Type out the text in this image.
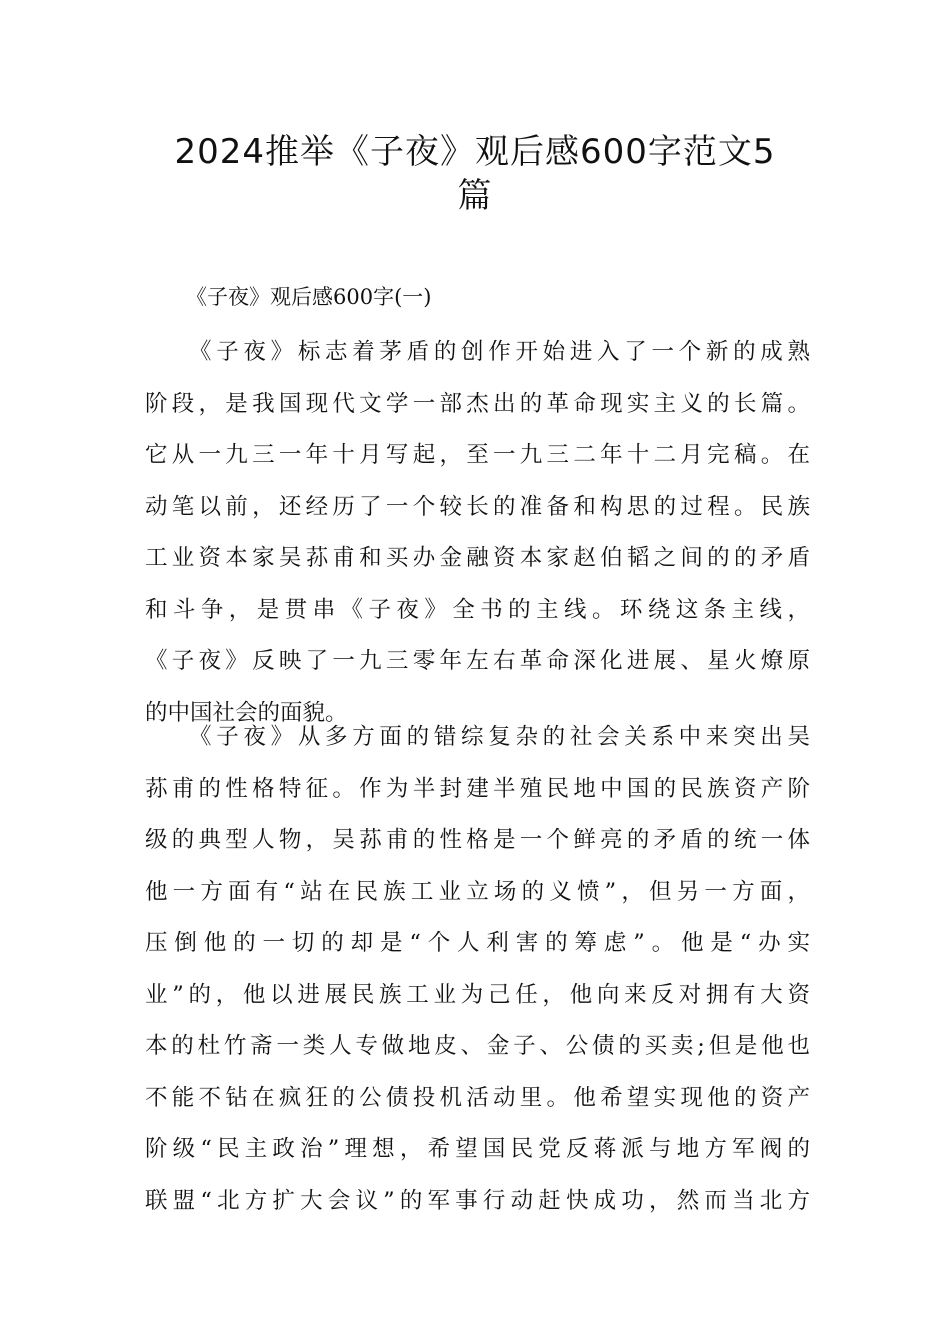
2024推举《子夜》观后感600字范文5
篇
《子夜》观后感600字(一)
《子夜》标志着茅盾的创作开始进入了一个新的成熟
阶段，是我国现代文学一部杰出的革命现实主义的长篇。
它从一九三一年十月写起，至一九三二年十二月完稿。在
动笔以前，还经历了一个较长的准备和构思的过程。民族
工业资本家吴荪甫和买办金融资本家赵伯韬之间的的矛盾
和斗争，是贯串《子夜》全书的主线。环绕这条主线，
《子夜》反映了一九三零年左右革命深化进展、星火燎原
的中国社会的面貌。
《子夜》从多方面的错综复杂的社会关系中来突出吴
荪甫的性格特征。作为半封建半殖民地中国的民族资产阶
级的典型人物，吴荪甫的性格是一个鲜亮的矛盾的统一体
他一方面有“站在民族工业立场的义愤”，但另一方面，
压倒他的一切的却是“个人利害的筹虑”。他是“办实
业”的，他以进展民族工业为己任，他向来反对拥有大资
本的杜竹斋一类人专做地皮、金子、公债的买卖;但是他也
不能不钻在疯狂的公债投机活动里。他希望实现他的资产
阶级“民主政治”理想，希望国民党反蒋派与地方军阀的
联盟“北方扩大会议”的军事行动赶快成功，然而当北方
